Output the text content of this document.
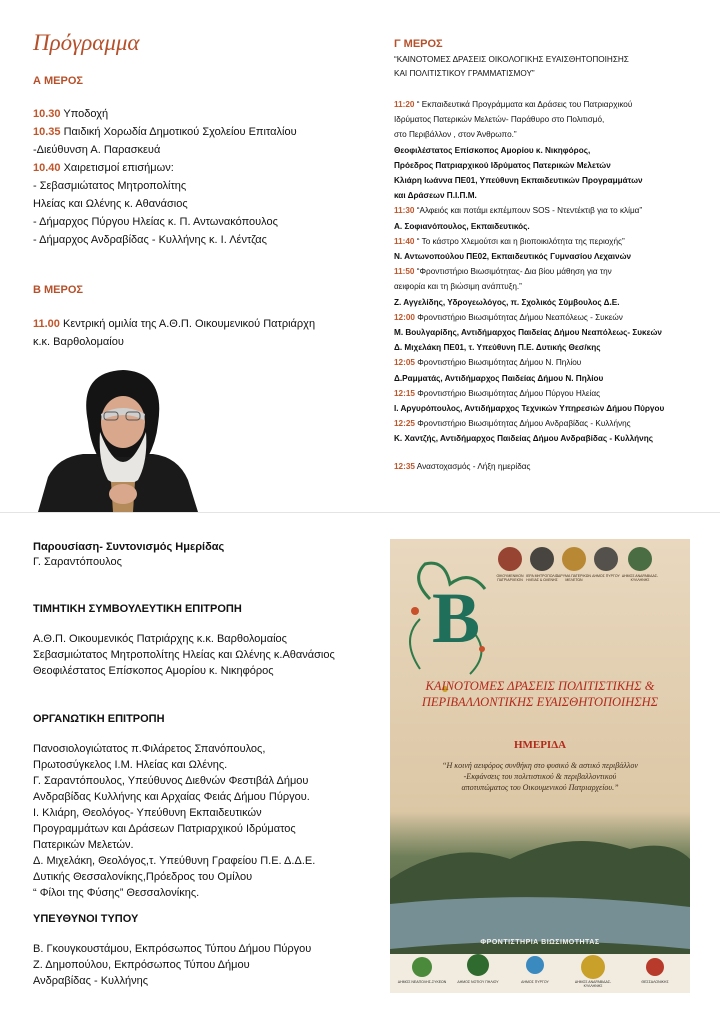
Πρόγραμμα
Α ΜΕΡΟΣ
10.30 Υποδοχή
10.35 Παιδική Χορωδία Δημοτικού Σχολείου Επιταλίου
-Διεύθυνση Α. Παρασκευά
10.40 Χαιρετισμοί επισήμων:
- Σεβασμιώτατος Μητροπολίτης
Ηλείας και Ωλένης κ. Αθανάσιος
- Δήμαρχος Πύργου Ηλείας κ. Π. Αντωνακόπουλος
- Δήμαρχος Ανδραβίδας - Κυλλήνης κ. Ι. Λέντζας
Β ΜΕΡΟΣ
11.00 Κεντρική ομιλία της Α.Θ.Π. Οικουμενικού Πατριάρχη
κ.κ. Βαρθολομαίου
Γ ΜΕΡΟΣ
“ΚΑΙΝΟΤΟΜΕΣ ΔΡΑΣΕΙΣ ΟΙΚΟΛΟΓΙΚΗΣ ΕΥΑΙΣΘΗΤΟΠΟΙΗΣΗΣ
ΚΑΙ ΠΟΛΙΤΙΣΤΙΚΟΥ ΓΡΑΜΜΑΤΙΣΜΟΥ”
11:20 “ Εκπαιδευτικά Προγράμματα και Δράσεις του Πατριαρχικού
Ιδρύματος Πατερικών Μελετών- Παράθυρο στο Πολιτισμό,
στο Περιβάλλον , στον Άνθρωπο.”
Θεοφιλέστατος Επίσκοπος Αμορίου κ. Νικηφόρος,
Πρόεδρος Πατριαρχικού Ιδρύματος Πατερικών Μελετών
Κλιάρη Ιωάννα ΠΕ01, Υπεύθυνη Εκπαιδευτικών Προγραμμάτων
και Δράσεων Π.Ι.Π.Μ.
11:30 “Αλφειός και ποτάμι εκπέμπουν SOS - Ντεντέκτιβ για το κλίμα”
Α. Σοφιανόπουλος, Εκπαιδευτικός.
11:40 “ Το κάστρο Χλεμούτσι και η βιοποικιλότητα της περιοχής”
Ν. Αντωνοπούλου ΠΕ02, Εκπαιδευτικός Γυμνασίου Λεχαινών
11:50 “Φροντιστήριο Βιωσιμότητας- Δια βίου μάθηση για την
αειφορία και τη βιώσιμη ανάπτυξη.”
Ζ. Αγγελίδης, Υδρογεωλόγος, π. Σχολικός Σύμβουλος Δ.Ε.
12:00 Φροντιστήριο Βιωσιμότητας Δήμου Νεαπόλεως - Συκεών
Μ. Βουλγαρίδης, Αντιδήμαρχος Παιδείας Δήμου Νεαπόλεως- Συκεών
Δ. Μιχελάκη ΠΕ01, τ. Υπεύθυνη Π.Ε. Δυτικής Θεσ/κης
12:05 Φροντιστήριο Βιωσιμότητας Δήμου Ν. Πηλίου
Δ.Ραμματάς, Αντιδήμαρχος Παιδείας Δήμου Ν. Πηλίου
12:15 Φροντιστήριο Βιωσιμότητας Δήμου Πύργου Ηλείας
Ι. Αργυρόπουλος, Αντιδήμαρχος Τεχνικών Υπηρεσιών Δήμου Πύργου
12:25 Φροντιστήριο Βιωσιμότητας Δήμου Ανδραβίδας - Κυλλήνης
Κ. Χαντζής, Αντιδήμαρχος Παιδείας Δήμου Ανδραβίδας - Κυλλήνης
12:35 Αναστοχασμός - Λήξη ημερίδας
Παρουσίαση- Συντονισμός Ημερίδας
Γ. Σαραντόπουλος
ΤΙΜΗΤΙΚΗ ΣΥΜΒΟΥΛΕΥΤΙΚΗ ΕΠΙΤΡΟΠΗ
Α.Θ.Π. Οικουμενικός Πατριάρχης κ.κ. Βαρθολομαίος
Σεβασμιώτατος Μητροπολίτης Ηλείας και Ωλένης κ.Αθανάσιος
Θεοφιλέστατος Επίσκοπος Αμορίου κ. Νικηφόρος
ΟΡΓΑΝΩΤΙΚΗ ΕΠΙΤΡΟΠΗ
Πανοσιολογιώτατος π.Φιλάρετος Σπανόπουλος,
Πρωτοσύγκελος Ι.Μ. Ηλείας και Ωλένης.
Γ. Σαραντόπουλος, Υπεύθυνος Διεθνών Φεστιβάλ Δήμου
Ανδραβίδας Κυλλήνης και Αρχαίας Φειάς Δήμου Πύργου.
Ι. Κλιάρη, Θεολόγος- Υπεύθυνη Εκπαιδευτικών
Προγραμμάτων και Δράσεων Πατριαρχικού Ιδρύματος
Πατερικών Μελετών.
Δ. Μιχελάκη, Θεολόγος,τ. Υπεύθυνη Γραφείου Π.Ε. Δ.Δ.Ε.
Δυτικής Θεσσαλονίκης,Πρόεδρος του Ομίλου
“ Φίλοι της Φύσης” Θεσσαλονίκης.
ΥΠΕΥΘΥΝΟΙ ΤΥΠΟΥ
Β. Γκουγκουστάμου, Εκπρόσωπος Τύπου Δήμου Πύργου
Ζ. Δημοπούλου, Εκπρόσωπος Τύπου Δήμου
Ανδραβίδας - Κυλλήνης
Β
ΚΑΙΝΟΤΟΜΕΣ ΔΡΑΣΕΙΣ ΠΟΛΙΤΙΣΤΙΚΗΣ &
ΠΕΡΙΒΑΛΛΟΝΤΙΚΗΣ ΕΥΑΙΣΘΗΤΟΠΟΙΗΣΗΣ
ΗΜΕΡΙΔΑ
“Η κοινή αειφόρος συνθήκη στο φυσικό & αστικό περιβάλλον
-Εκφάνσεις του πολιτιστικού & περιβαλλοντικού
αποτυπώματος του Οικουμενικού Πατριαρχείου.”
ΦΡΟΝΤΙΣΤΗΡΙΑ ΒΙΩΣΙΜΟΤΗΤΑΣ
ΟΙΚΟΥΜΕΝΙΚΟΝ ΠΑΤΡΙΑΡΧΕΙΟΝ
ΙΕΡΑ ΜΗΤΡΟΠΟΛΙΣ ΗΛΕΙΑΣ & ΩΛΕΝΗΣ
ΙΔΡΥΜΑ ΠΑΤΕΡΙΚΩΝ ΜΕΛΕΤΩΝ
ΔΗΜΟΣ ΠΥΡΓΟΥ ΔΗΜΟΣ ΑΝΔΡΑΒΙΔΑΣ-ΚΥΛΛΗΝΗΣ
ΔΗΜΟΣ ΝΕΑΠΟΛΗΣ-ΣΥΚΕΩΝ	ΔΗΜΟΣ ΝΟΤΙΟΥ ΠΗΛΙΟΥ	ΔΗΜΟΣ ΠΥΡΓΟΥ	ΔΗΜΟΣ ΑΝΔΡΑΒΙΔΑΣ-ΚΥΛΛΗΝΗΣ
ΘΕΣΣΑΛΟΝΙΚΗΣ
